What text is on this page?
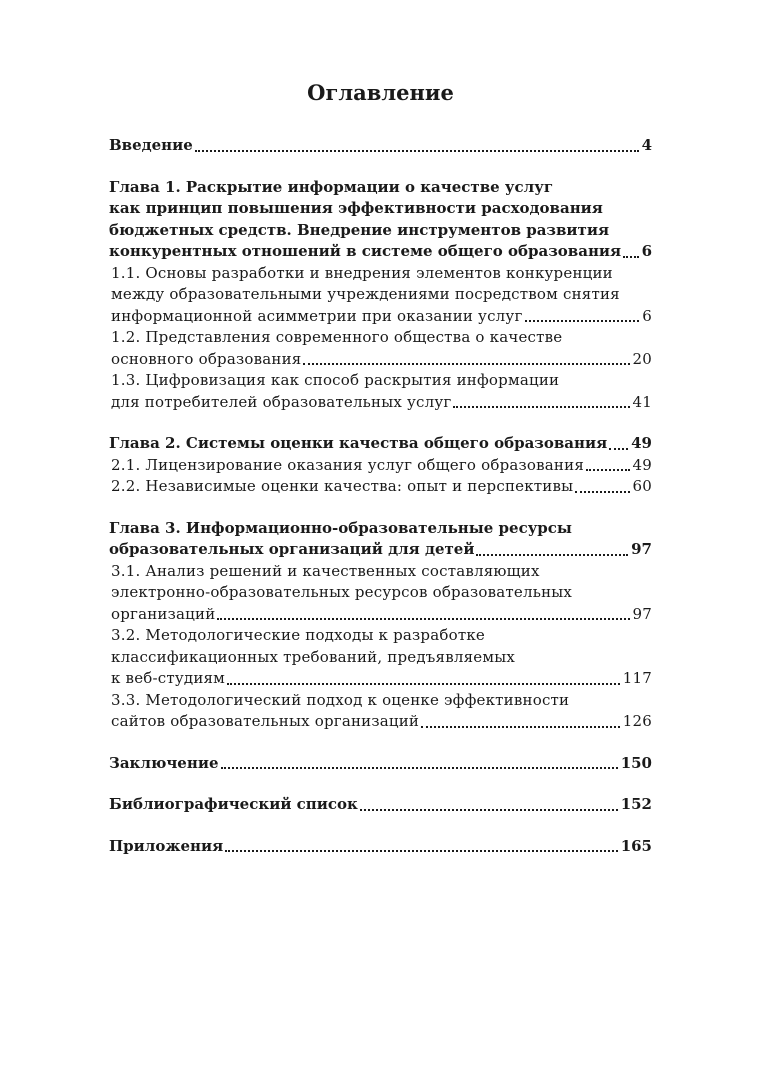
Оглавление
Введение	4
Глава 1. Раскрытие информации о качестве услуг
как принцип повышения эффективности расходования
бюджетных средств. Внедрение инструментов развития
конкурентных отношений в системе общего образования 6
1.1. Основы разработки и внедрения элементов конкуренции
между образовательными учреждениями посредством снятия
информационной асимметрии при оказании услуг	6
1.2. Представления современного общества о качестве
основного образования	20
1.3. Цифровизация как способ раскрытия информации
для потребителей образовательных услуг	41
Глава 2. Системы оценки качества общего образования 49
2.1. Лицензирование оказания услуг общего образования	49
2.2. Независимые оценки качества: опыт и перспективы	60
Глава 3. Информационно-образовательные ресурсы
образовательных организаций для детей	97
3.1. Анализ решений и качественных составляющих
электронно-образовательных ресурсов образовательных
организаций	97
3.2. Методологические подходы к разработке
классификационных требований, предъявляемых
к веб-студиям	117
3.3. Методологический подход к оценке эффективности
сайтов образовательных организаций	126
Заключение	150
Библиографический список	152
Приложения	165
